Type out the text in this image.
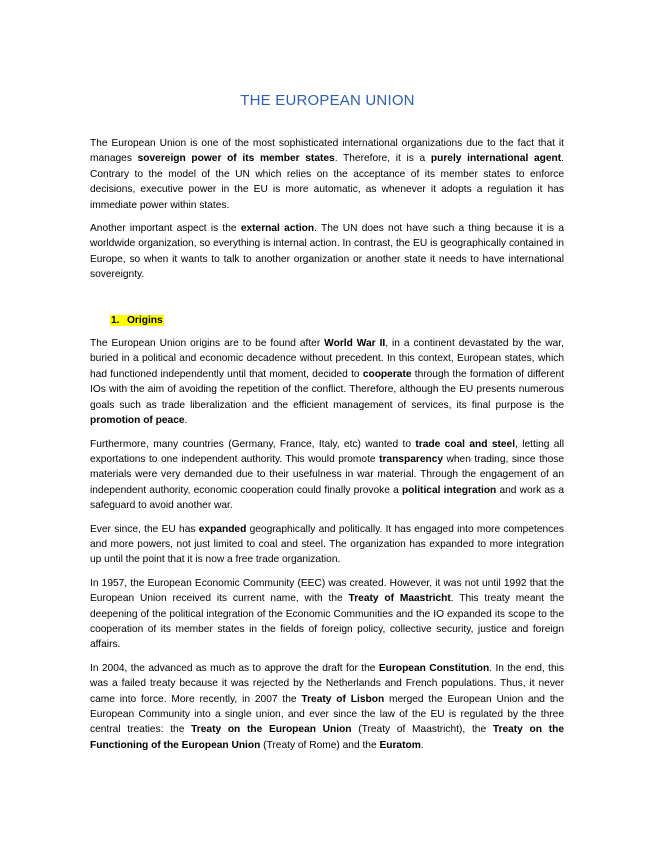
THE EUROPEAN UNION

The European Union is one of the most sophisticated international organizations due to the fact that it manages sovereign power of its member states. Therefore, it is a purely international agent. Contrary to the model of the UN which relies on the acceptance of its member states to enforce decisions, executive power in the EU is more automatic, as whenever it adopts a regulation it has immediate power within states.

Another important aspect is the external action. The UN does not have such a thing because it is a worldwide organization, so everything is internal action. In contrast, the EU is geographically contained in Europe, so when it wants to talk to another organization or another state it needs to have international sovereignty.

1. Origins

The European Union origins are to be found after World War II, in a continent devastated by the war, buried in a political and economic decadence without precedent. In this context, European states, which had functioned independently until that moment, decided to cooperate through the formation of different IOs with the aim of avoiding the repetition of the conflict. Therefore, although the EU presents numerous goals such as trade liberalization and the efficient management of services, its final purpose is the promotion of peace.

Furthermore, many countries (Germany, France, Italy, etc) wanted to trade coal and steel, letting all exportations to one independent authority. This would promote transparency when trading, since those materials were very demanded due to their usefulness in war material. Through the engagement of an independent authority, economic cooperation could finally provoke a political integration and work as a safeguard to avoid another war.

Ever since, the EU has expanded geographically and politically. It has engaged into more competences and more powers, not just limited to coal and steel. The organization has expanded to more integration up until the point that it is now a free trade organization.

In 1957, the European Economic Community (EEC) was created. However, it was not until 1992 that the European Union received its current name, with the Treaty of Maastricht. This treaty meant the deepening of the political integration of the Economic Communities and the IO expanded its scope to the cooperation of its member states in the fields of foreign policy, collective security, justice and foreign affairs.

In 2004, the advanced as much as to approve the draft for the European Constitution. In the end, this was a failed treaty because it was rejected by the Netherlands and French populations. Thus, it never came into force. More recently, in 2007 the Treaty of Lisbon merged the European Union and the European Community into a single union, and ever since the law of the EU is regulated by the three central treaties: the Treaty on the European Union (Treaty of Maastricht), the Treaty on the Functioning of the European Union (Treaty of Rome) and the Euratom.
